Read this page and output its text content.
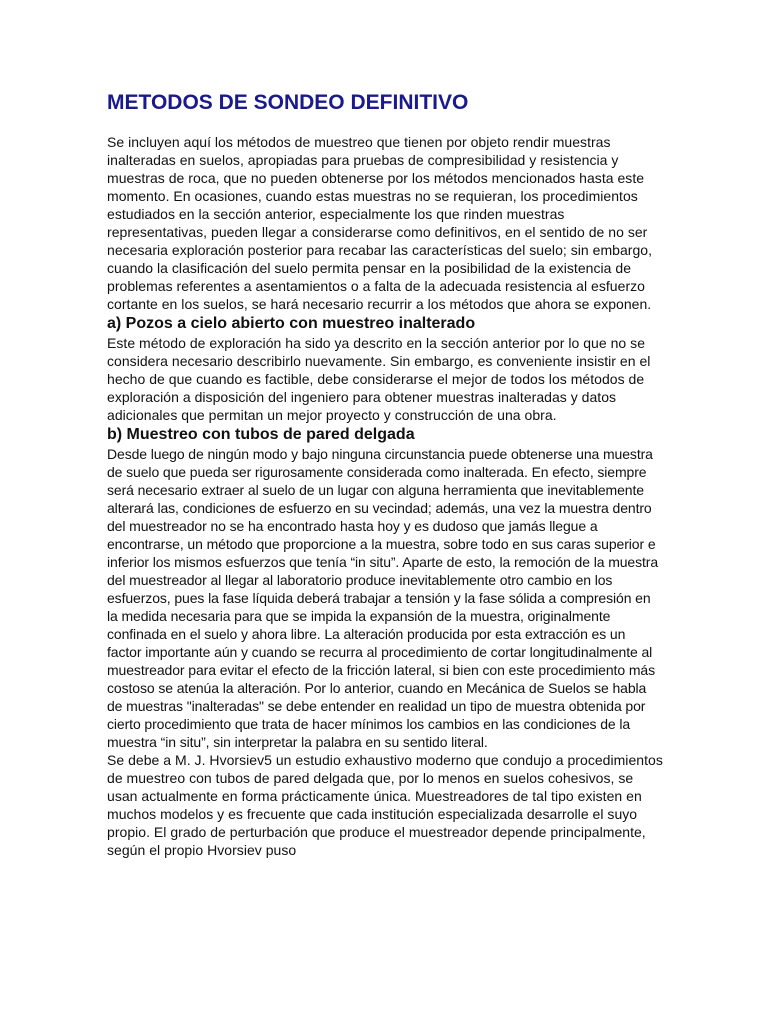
METODOS DE SONDEO DEFINITIVO

Se incluyen aquí los métodos de muestreo que tienen por objeto rendir muestras inalteradas en suelos, apropiadas para pruebas de compresibilidad y resistencia y muestras de roca, que no pueden obtenerse por los métodos mencionados hasta este momento. En ocasiones, cuando estas muestras no se requieran, los procedimientos estudiados en la sección anterior, especialmente los que rinden muestras representativas, pueden llegar a considerarse como definitivos, en el sentido de no ser necesaria exploración posterior para recabar las características del suelo; sin embargo, cuando la clasificación del suelo permita pensar en la posibilidad de la existencia de problemas referentes a asentamientos o a falta de la adecuada resistencia al esfuerzo cortante en los suelos, se hará necesario recurrir a los métodos que ahora se exponen.

a) Pozos a cielo abierto con muestreo inalterado

Este método de exploración ha sido ya descrito en la sección anterior por lo que no se considera necesario describirlo nuevamente. Sin embargo, es conveniente insistir en el hecho de que cuando es factible, debe considerarse el mejor de todos los métodos de exploración a disposición del ingeniero para obtener muestras inalteradas y datos adicionales que permitan un mejor proyecto y construcción de una obra.

b) Muestreo con tubos de pared delgada

Desde luego de ningún modo y bajo ninguna circunstancia puede obtenerse una muestra de suelo que pueda ser rigurosamente considerada como inalterada. En efecto, siempre será necesario extraer al suelo de un lugar con alguna herramienta que inevitablemente alterará las, condiciones de esfuerzo en su vecindad; además, una vez la muestra dentro del muestreador no se ha encontrado hasta hoy y es dudoso que jamás llegue a encontrarse, un método que proporcione a la muestra, sobre todo en sus caras superior e inferior los mismos esfuerzos que tenía “in situ”. Aparte de esto, la remoción de la muestra del muestreador al llegar al laboratorio produce inevitablemente otro cambio en los esfuerzos, pues la fase líquida deberá trabajar a tensión y la fase sólida a compresión en la medida necesaria para que se impida la expansión de la muestra, originalmente confinada en el suelo y ahora libre. La alteración producida por esta extracción es un factor importante aún y cuando se recurra al procedimiento de cortar longitudinalmente al muestreador para evitar el efecto de la fricción lateral, si bien con este procedimiento más costoso se atenúa la alteración. Por lo anterior, cuando en Mecánica de Suelos se habla de muestras "inalteradas" se debe entender en realidad un tipo de muestra obtenida por cierto procedimiento que trata de hacer mínimos los cambios en las condiciones de la muestra “in situ”, sin interpretar la palabra en su sentido literal.

Se debe a M. J. Hvorsiev5 un estudio exhaustivo moderno que condujo a procedimientos de muestreo con tubos de pared delgada que, por lo menos en suelos cohesivos, se usan actualmente en forma prácticamente única. Muestreadores de tal tipo existen en muchos modelos y es frecuente que cada institución especializada desarrolle el suyo propio. El grado de perturbación que produce el muestreador depende principalmente, según el propio Hvorsiev puso
